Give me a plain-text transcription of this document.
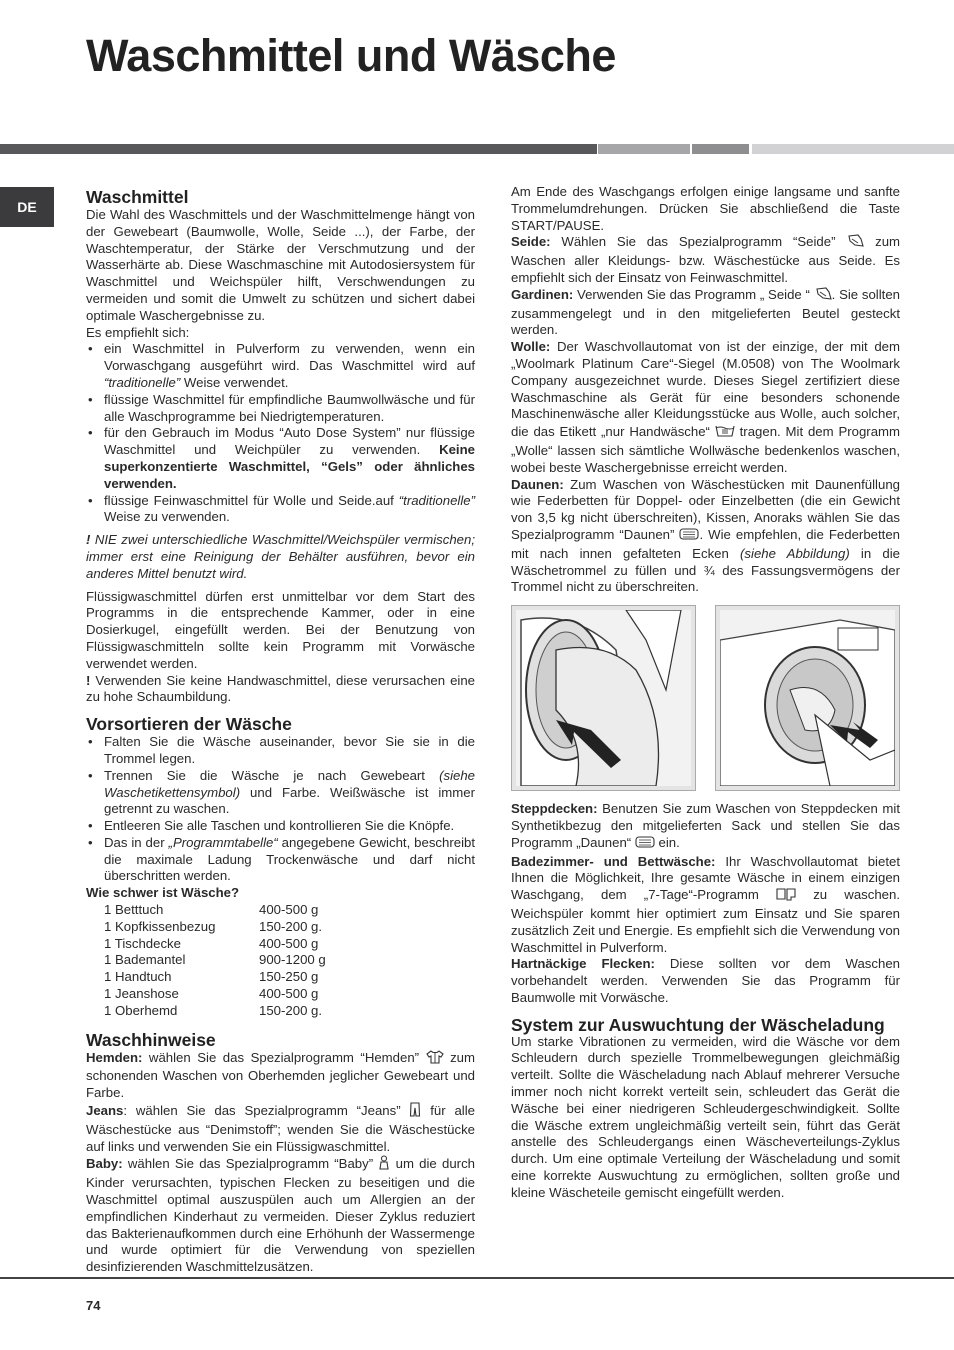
Waschmittel und Wäsche
DE	Waschmittel

Die Wahl des Waschmittels und der Waschmittelmenge hängt von der Gewebeart (Baumwolle, Wolle, Seide ...), der Farbe, der Waschtemperatur, der Stärke der Verschmutzung und der Wasserhärte ab. Diese Waschmaschine mit Autodosiersystem für Waschmittel und Weichspüler hilft, Verschwendungen zu vermeiden und somit die Umwelt zu schützen und sichert dabei optimale Waschergebnisse zu.

Es empfiehlt sich:

• ein Waschmittel in Pulverform zu verwenden, wenn ein Vorwaschgang ausgeführt wird. Das Waschmittel wird auf “traditionelle” Weise verwendet.
• flüssige Waschmittel für empfindliche Baumwollwäsche und für alle Waschprogramme bei Niedrigtemperaturen.
• für den Gebrauch im Modus “Auto Dose System” nur flüssige Waschmittel und Weichpüler zu verwenden. Keine superkonzentierte Waschmittel, “Gels” oder ähnliches verwenden.
• flüssige Feinwaschmittel für Wolle und Seide.auf “traditionelle” Weise zu verwenden.

! NIE zwei unterschiedliche Waschmittel/Weichspüler vermischen; immer erst eine Reinigung der Behälter ausführen, bevor ein anderes Mittel benutzt wird.

Flüssigwaschmittel dürfen erst unmittelbar vor dem Start des Programms in die entsprechende Kammer, oder in eine Dosierkugel, eingefüllt werden. Bei der Benutzung von Flüssigwaschmitteln sollte kein Programm mit Vorwäsche verwendet werden.

! Verwenden Sie keine Handwaschmittel, diese verursachen eine zu hohe Schaumbildung.

Vorsortieren der Wäsche
• Falten Sie die Wäsche auseinander, bevor Sie sie in die Trommel legen.
• Trennen Sie die Wäsche je nach Gewebeart (siehe Waschetikettensymbol) und Farbe. Weißwäsche ist immer getrennt zu waschen.
• Entleeren Sie alle Taschen und kontrollieren Sie die Knöpfe.
• Das in der „Programmtabelle“ angegebene Gewicht, beschreibt die maximale Ladung Trockenwäsche und darf nicht überschritten werden.

Wie schwer ist Wäsche?

1 Betttuch	400-500 g
1 Kopfkissenbezug	150-200 g.
1 Tischdecke	400-500 g
1 Bademantel	900-1200 g
1 Handtuch	150-250 g
1 Jeanshose	400-500 g
1 Oberhemd	150-200 g.
Waschhinweise

Hemden: wählen Sie das Spezialprogramm “Hemden”  zum schonenden Waschen von Oberhemden jeglicher Gewebeart und Farbe.

Jeans: wählen Sie das Spezialprogramm “Jeans”  für alle Wäschestücke aus “Denimstoff”; wenden Sie die Wäschestücke auf links und verwenden Sie ein Flüssigwaschmittel.

Baby: wählen Sie das Spezialprogramm “Baby”  um die durch Kinder verursachten, typischen Flecken zu beseitigen und die Waschmittel optimal auszuspülen auch um Allergien an der empfindlichen Kinderhaut zu vermeiden. Dieser Zyklus reduziert das Bakterienaufkommen durch eine Erhöhunh der Wassermenge und wurde optimiert für die Verwendung von speziellen desinfizierenden Waschmittelzusätzen.

Am Ende des Waschgangs erfolgen einige langsame und sanfte Trommelumdrehungen. Drücken Sie abschließend die Taste START/PAUSE.

Seide: Wählen Sie das Spezialprogramm “Seide”  zum Waschen aller Kleidungs- bzw. Wäschestücke aus Seide. Es empfiehlt sich der Einsatz von Feinwaschmittel.

Gardinen: Verwenden Sie das Programm „ Seide “ . Sie sollten zusammengelegt und in den mitgelieferten Beutel gesteckt werden.

Wolle: Der Waschvollautomat von ist der einzige, der mit dem „Woolmark Platinum Care“-Siegel (M.0508) von The Woolmark Company ausgezeichnet wurde. Dieses Siegel zertifiziert diese Waschmaschine als Gerät für eine besonders schonende Maschinenwäsche aller Kleidungsstücke aus Wolle, auch solcher, die das Etikett „nur Handwäsche“  tragen. Mit dem Programm „Wolle“ lassen sich sämtliche Wollwäsche bedenkenlos waschen, wobei beste Waschergebnisse erreicht werden.

Daunen: Zum Waschen von Wäschestücken mit Daunenfüllung wie Federbetten für Doppel- oder Einzelbetten (die ein Gewicht von 3,5 kg nicht überschreiten), Kissen, Anoraks wählen Sie das Spezialprogramm “Daunen” . Wie empfehlen, die Federbetten mit nach innen gefalteten Ecken (siehe Abbildung) in die Wäschetrommel zu füllen und ¾ des Fassungsvermögens der Trommel nicht zu überschreiten.

Steppdecken: Benutzen Sie zum Waschen von Steppdecken mit Synthetikbezug den mitgelieferten Sack und stellen Sie das Programm „Daunen“  ein.

Badezimmer- und Bettwäsche: Ihr Waschvollautomat bietet Ihnen die Möglichkeit, Ihre gesamte Wäsche in einem einzigen Waschgang, dem „7-Tage“-Programm  zu waschen. Weichspüler kommt hier optimiert zum Einsatz und Sie sparen zusätzlich Zeit und Energie. Es empfiehlt sich die Verwendung von Waschmittel in Pulverform.

Hartnäckige Flecken: Diese sollten vor dem Waschen vorbehandelt werden. Verwenden Sie das Programm für Baumwolle mit Vorwäsche.

System zur Auswuchtung der Wäscheladung

Um starke Vibrationen zu vermeiden, wird die Wäsche vor dem Schleudern durch spezielle Trommelbewegungen gleichmäßig verteilt. Sollte die Wäscheladung nach Ablauf mehrerer Versuche immer noch nicht korrekt verteilt sein, schleudert das Gerät die Wäsche bei einer niedrigeren Schleudergeschwindigkeit. Sollte die Wäsche extrem ungleichmäßig verteilt sein, führt das Gerät anstelle des Schleudergangs einen Wäscheverteilungs-Zyklus durch. Um eine optimale Verteilung der Wäscheladung und somit eine korrekte Auswuchtung zu ermöglichen, sollten große und kleine Wäscheteile gemischt eingefüllt werden.

74
